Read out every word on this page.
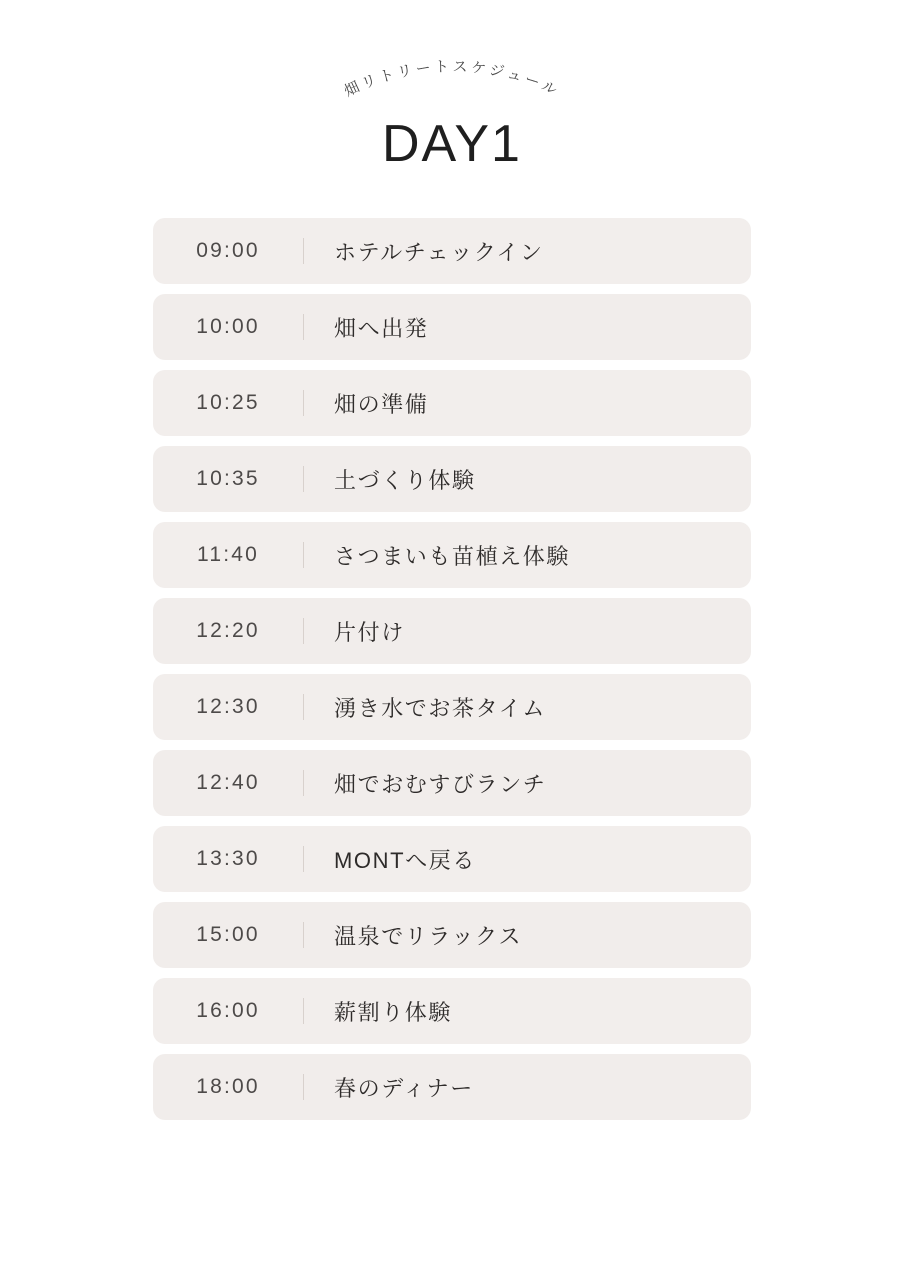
畑リトリートスケジュール
DAY1
09:00	ホテルチェックイン
10:00	畑へ出発
10:25	畑の準備
10:35	土づくり体験
11:40	さつまいも苗植え体験
12:20	片付け
12:30	湧き水でお茶タイム
12:40	畑でおむすびランチ
13:30	MONTへ戻る
15:00	温泉でリラックス
16:00	薪割り体験
18:00	春のディナー
